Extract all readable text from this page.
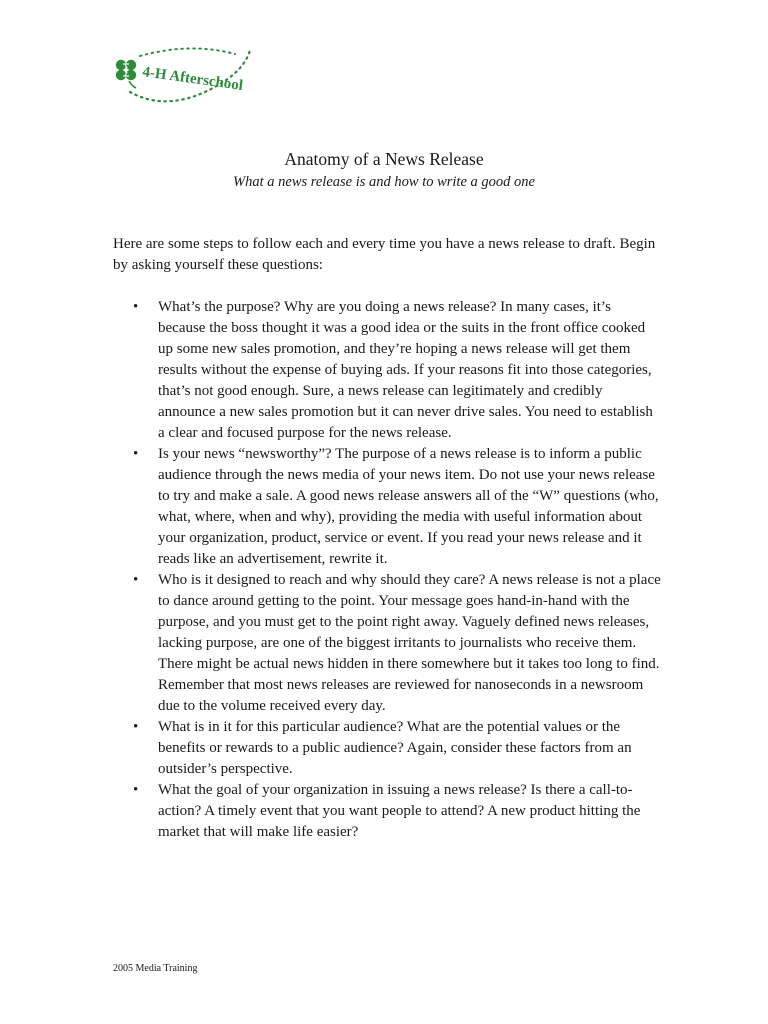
4-H Afterschool
Anatomy of a News Release
What a news release is and how to write a good one

Here are some steps to follow each and every time you have a news release to draft. Begin by asking yourself these questions:

•	What’s the purpose? Why are you doing a news release? In many cases, it’s because the boss thought it was a good idea or the suits in the front office cooked up some new sales promotion, and they’re hoping a news release will get them results without the expense of buying ads. If your reasons fit into those categories, that’s not good enough. Sure, a news release can legitimately and credibly announce a new sales promotion but it can never drive sales. You need to establish a clear and focused purpose for the news release.
•	Is your news “newsworthy”? The purpose of a news release is to inform a public audience through the news media of your news item. Do not use your news release to try and make a sale. A good news release answers all of the “W” questions (who, what, where, when and why), providing the media with useful information about your organization, product, service or event. If you read your news release and it reads like an advertisement, rewrite it.
•	Who is it designed to reach and why should they care? A news release is not a place to dance around getting to the point. Your message goes hand-in-hand with the purpose, and you must get to the point right away. Vaguely defined news releases, lacking purpose, are one of the biggest irritants to journalists who receive them. There might be actual news hidden in there somewhere but it takes too long to find. Remember that most news releases are reviewed for nanoseconds in a newsroom due to the volume received every day.
•	What is in it for this particular audience? What are the potential values or the benefits or rewards to a public audience? Again, consider these factors from an outsider’s perspective.
•	What the goal of your organization in issuing a news release? Is there a call-to-action? A timely event that you want people to attend? A new product hitting the market that will make life easier?
2005 Media Training
